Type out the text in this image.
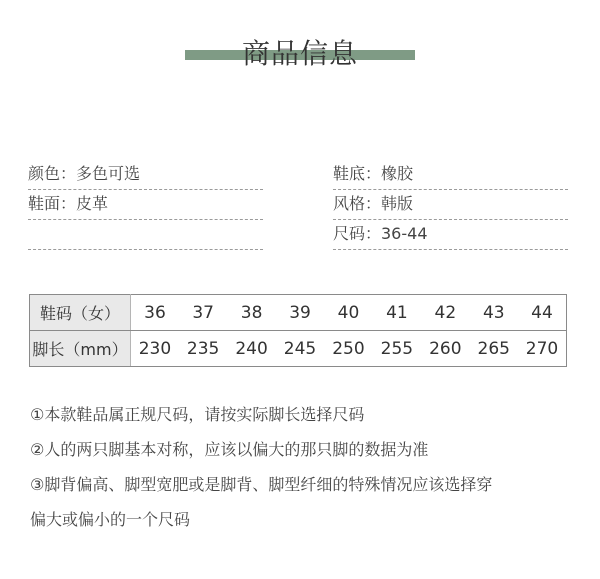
商品信息
颜色：多色可选
鞋面：皮革
鞋底：橡胶
风格：韩版
尺码：36-44
鞋码（女）	36	37	38	39	40	41	42	43	44
脚长（mm）	230	235	240	245	250	255	260	265	270
①本款鞋品属正规尺码，请按实际脚长选择尺码
②人的两只脚基本对称，应该以偏大的那只脚的数据为准
③脚背偏高、脚型宽肥或是脚背、脚型纤细的特殊情况应该选择穿
偏大或偏小的一个尺码
